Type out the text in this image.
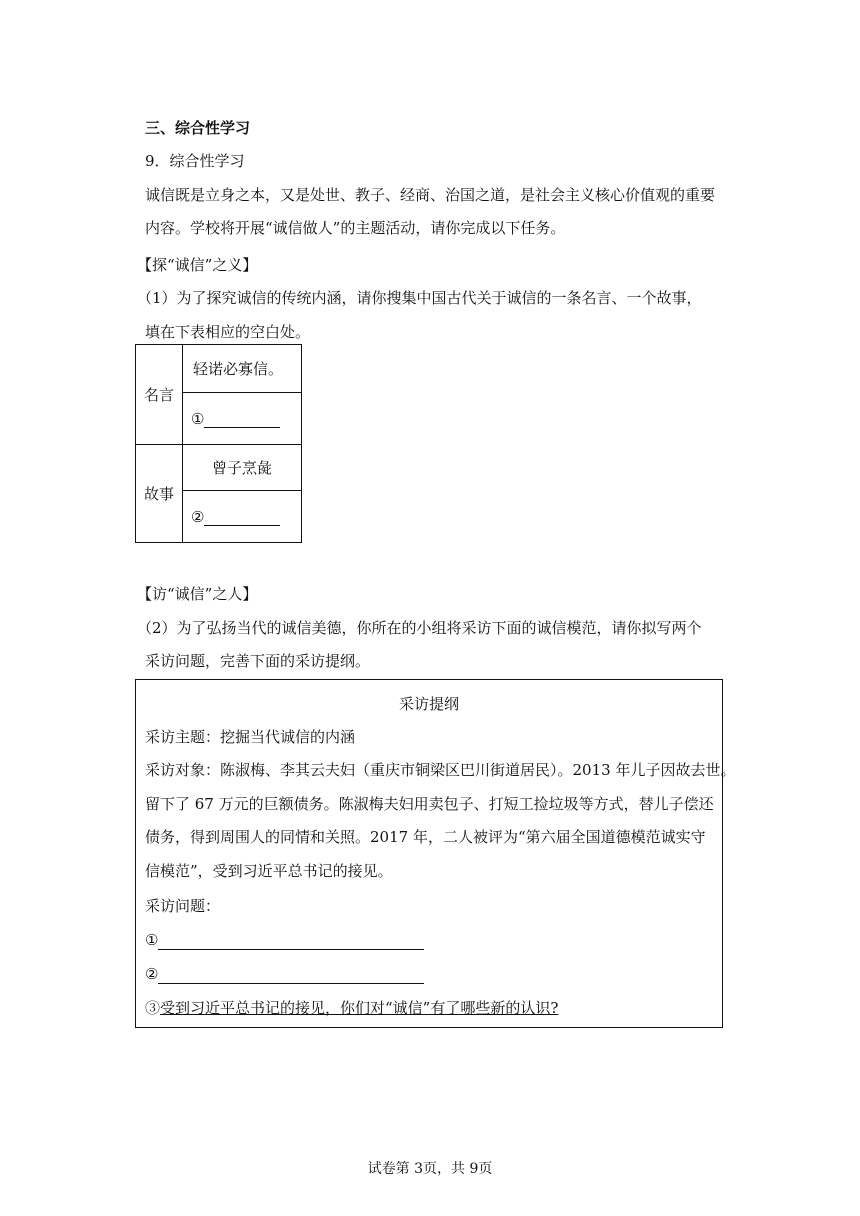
三、综合性学习
9．综合性学习
诚信既是立身之本，又是处世、教子、经商、治国之道，是社会主义核心价值观的重要
内容。学校将开展“诚信做人”的主题活动，请你完成以下任务。
【探“诚信”之义】
（1）为了探究诚信的传统内涵，请你搜集中国古代关于诚信的一条名言、一个故事，
填在下表相应的空白处。
名言	轻诺必寡信。
	①
故事	曾子烹彘
	②
【访“诚信”之人】
（2）为了弘扬当代的诚信美德，你所在的小组将采访下面的诚信模范，请你拟写两个
采访问题，完善下面的采访提纲。
采访提纲
采访主题：挖掘当代诚信的内涵
采访对象：陈淑梅、李其云夫妇（重庆市铜梁区巴川街道居民）。2013 年儿子因故去世。
留下了 67 万元的巨额债务。陈淑梅夫妇用卖包子、打短工捡垃圾等方式，替儿子偿还
债务，得到周围人的同情和关照。2017 年，二人被评为“第六届全国道德模范诚实守
信模范”，受到习近平总书记的接见。
采访问题：
①
②
③受到习近平总书记的接见，你们对“诚信”有了哪些新的认识?
试卷第 3页，共 9页
